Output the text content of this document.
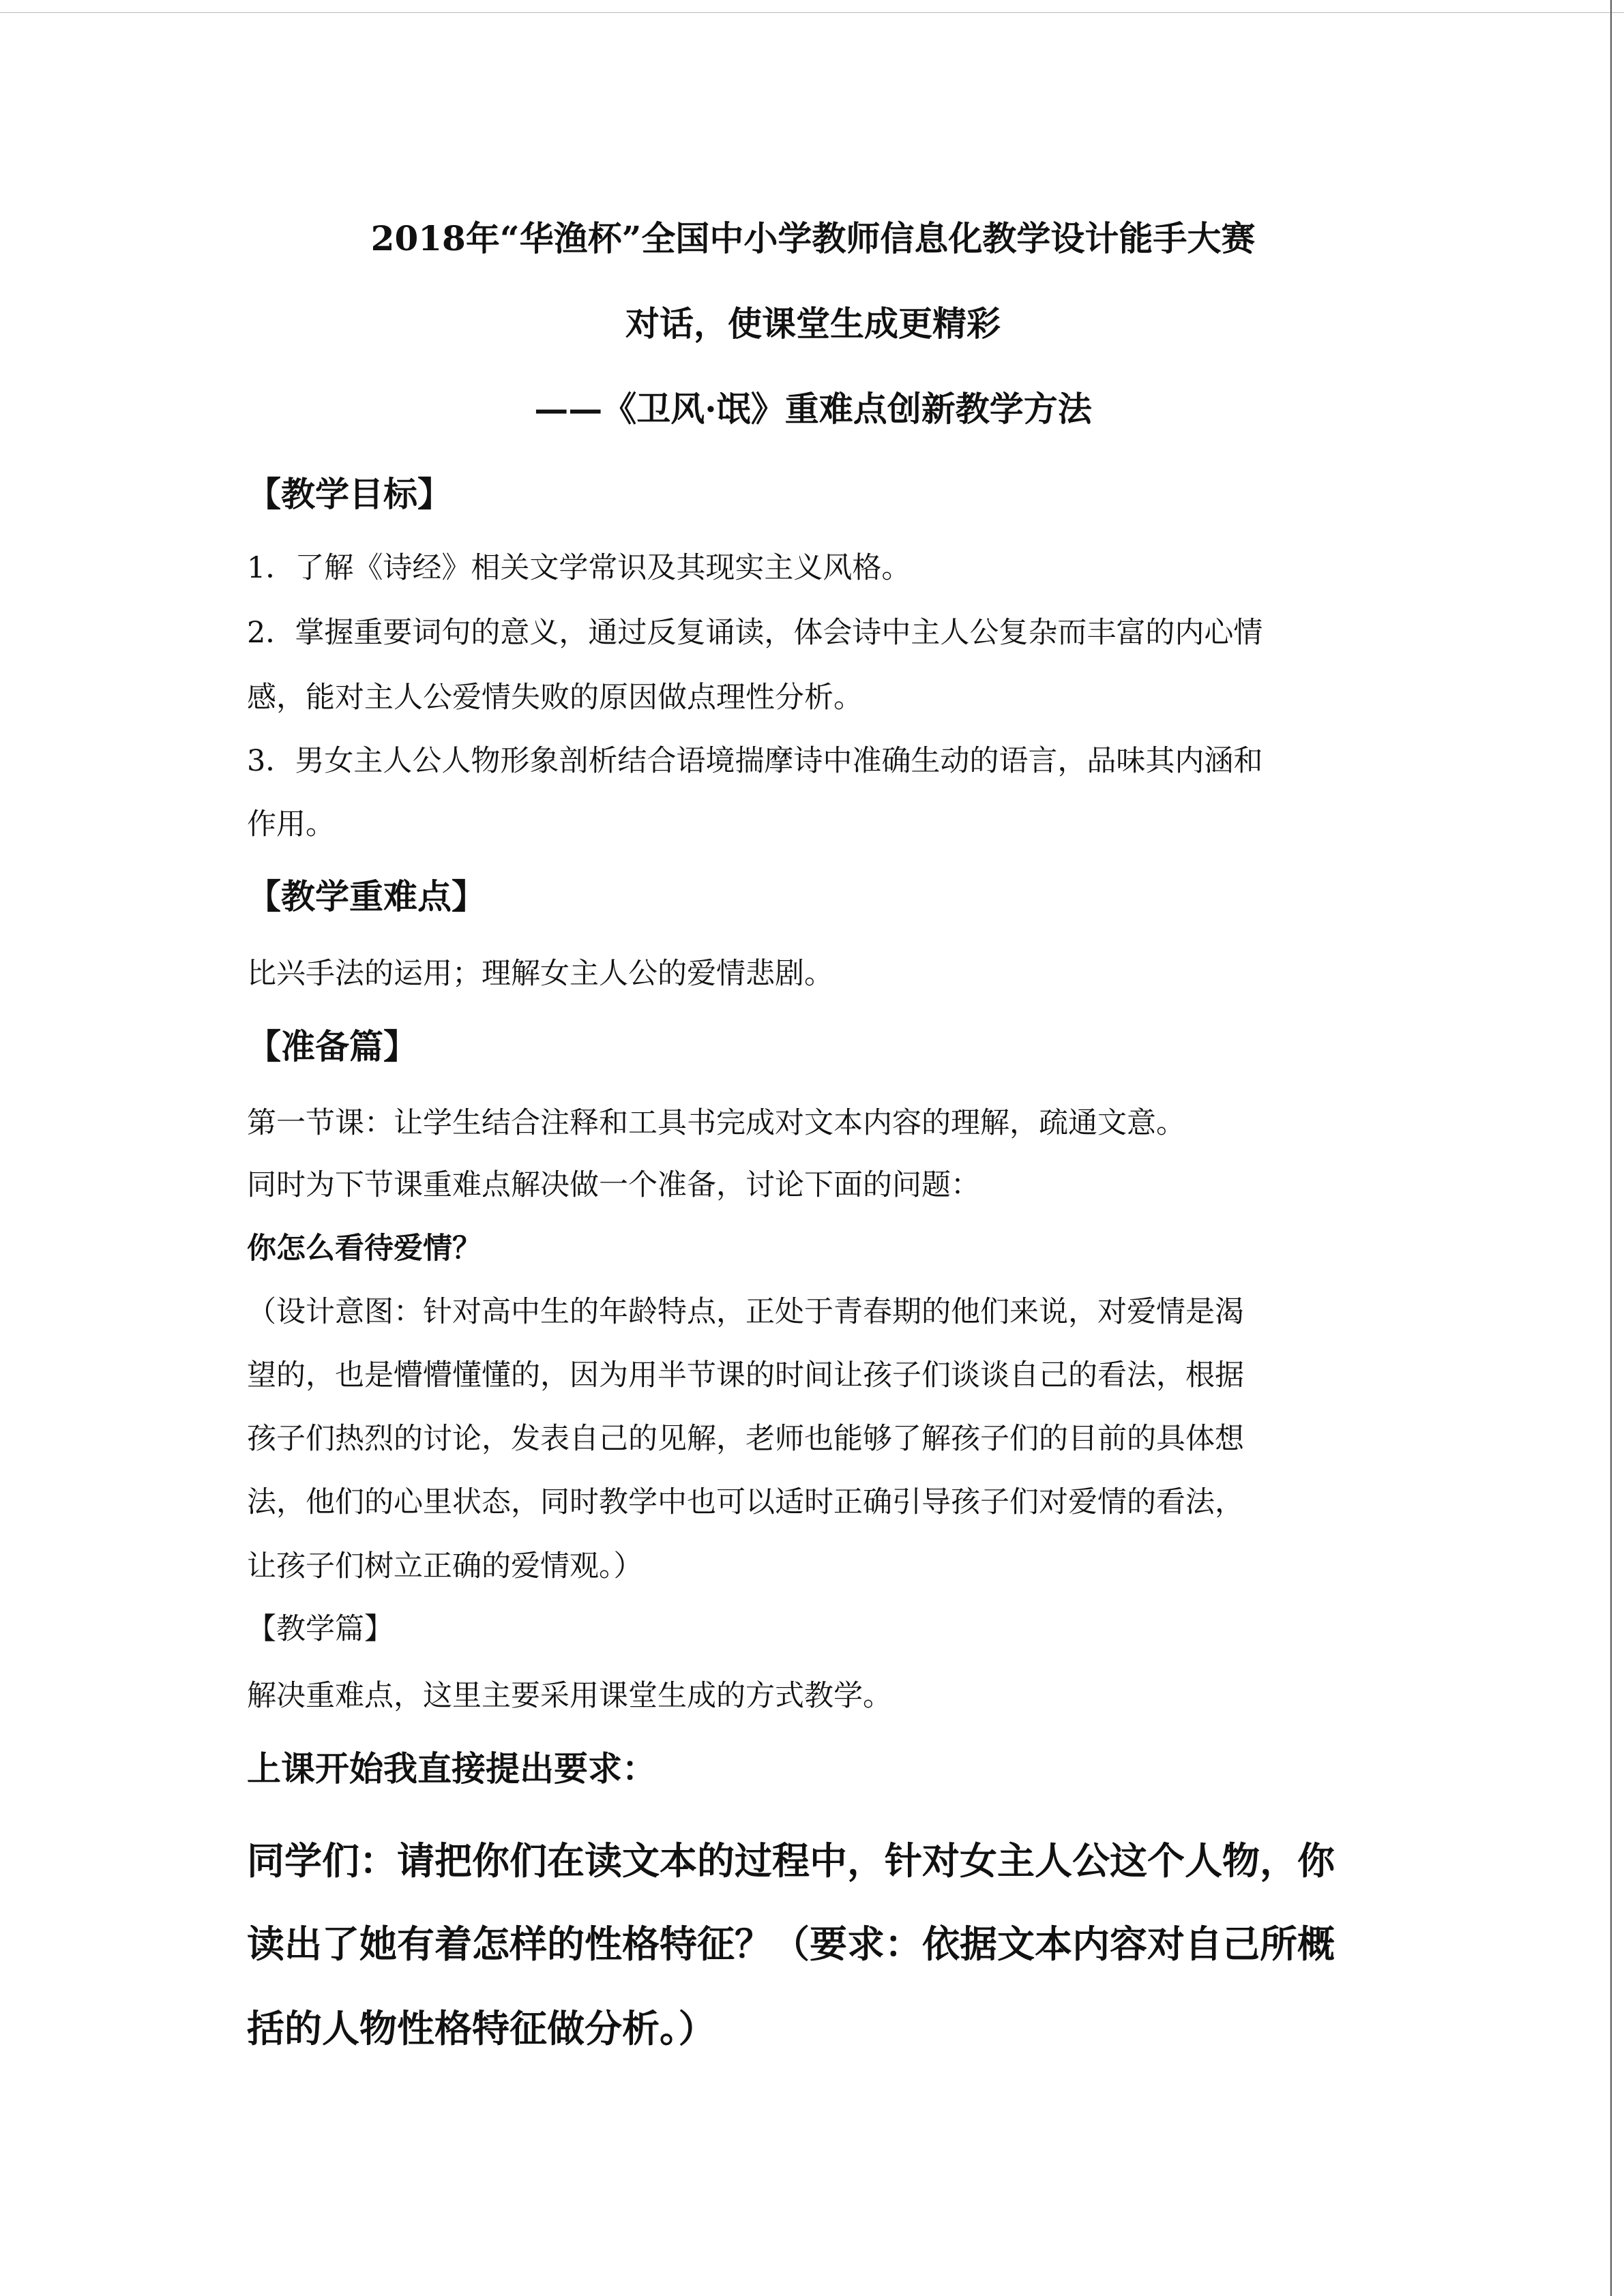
2018年“华渔杯”全国中小学教师信息化教学设计能手大赛
对话，使课堂生成更精彩
——《卫风·氓》重难点创新教学方法
【教学目标】
1．了解《诗经》相关文学常识及其现实主义风格。
2．掌握重要词句的意义，通过反复诵读，体会诗中主人公复杂而丰富的内心情
感，能对主人公爱情失败的原因做点理性分析。
3．男女主人公人物形象剖析结合语境揣摩诗中准确生动的语言，品味其内涵和
作用。
【教学重难点】
比兴手法的运用；理解女主人公的爱情悲剧。
【准备篇】
第一节课：让学生结合注释和工具书完成对文本内容的理解，疏通文意。
同时为下节课重难点解决做一个准备，讨论下面的问题：
你怎么看待爱情？
（设计意图：针对高中生的年龄特点，正处于青春期的他们来说，对爱情是渴
望的，也是懵懵懂懂的，因为用半节课的时间让孩子们谈谈自己的看法，根据
孩子们热烈的讨论，发表自己的见解，老师也能够了解孩子们的目前的具体想
法，他们的心里状态，同时教学中也可以适时正确引导孩子们对爱情的看法，
让孩子们树立正确的爱情观。）
【教学篇】
解决重难点，这里主要采用课堂生成的方式教学。
上课开始我直接提出要求：
同学们：请把你们在读文本的过程中，针对女主人公这个人物，你
读出了她有着怎样的性格特征？（要求：依据文本内容对自己所概
括的人物性格特征做分析。）
